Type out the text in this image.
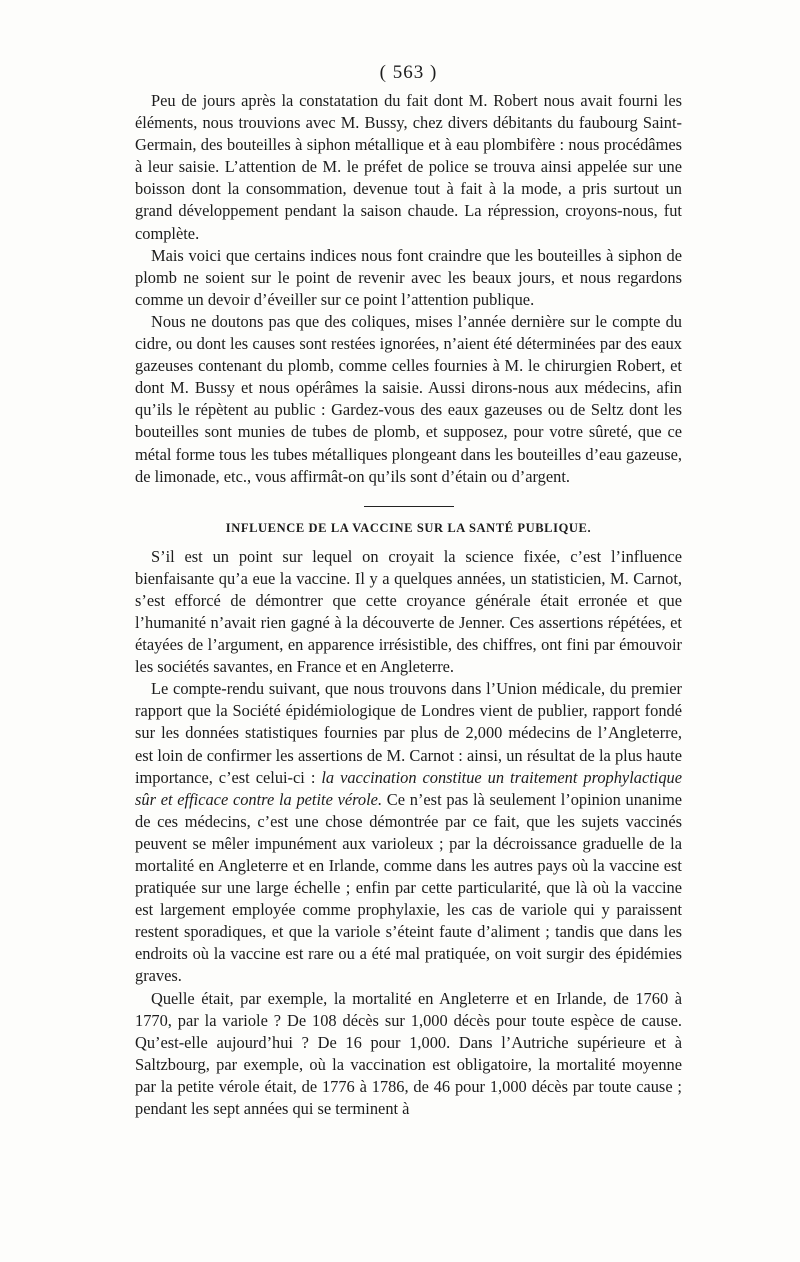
( 563 )

Peu de jours après la constatation du fait dont M. Robert nous avait fourni les éléments, nous trouvions avec M. Bussy, chez divers débitants du faubourg Saint-Germain, des bouteilles à siphon métallique et à eau plombifère : nous procédâmes à leur saisie. L’attention de M. le préfet de police se trouva ainsi appelée sur une boisson dont la consommation, devenue tout à fait à la mode, a pris surtout un grand développement pendant la saison chaude. La répression, croyons-nous, fut complète.

Mais voici que certains indices nous font craindre que les bouteilles à siphon de plomb ne soient sur le point de revenir avec les beaux jours, et nous regardons comme un devoir d’éveiller sur ce point l’attention publique.

Nous ne doutons pas que des coliques, mises l’année dernière sur le compte du cidre, ou dont les causes sont restées ignorées, n’aient été déterminées par des eaux gazeuses contenant du plomb, comme celles fournies à M. le chirurgien Robert, et dont M. Bussy et nous opérâmes la saisie. Aussi dirons-nous aux médecins, afin qu’ils le répètent au public : Gardez-vous des eaux gazeuses ou de Seltz dont les bouteilles sont munies de tubes de plomb, et supposez, pour votre sûreté, que ce métal forme tous les tubes métalliques plongeant dans les bouteilles d’eau gazeuse, de limonade, etc., vous affirmât-on qu’ils sont d’étain ou d’argent.

INFLUENCE DE LA VACCINE SUR LA SANTÉ PUBLIQUE.

S’il est un point sur lequel on croyait la science fixée, c’est l’influence bienfaisante qu’a eue la vaccine. Il y a quelques années, un statisticien, M. Carnot, s’est efforcé de démontrer que cette croyance générale était erronée et que l’humanité n’avait rien gagné à la découverte de Jenner. Ces assertions répétées, et étayées de l’argument, en apparence irrésistible, des chiffres, ont fini par émouvoir les sociétés savantes, en France et en Angleterre.

Le compte-rendu suivant, que nous trouvons dans l’Union médicale, du premier rapport que la Société épidémiologique de Londres vient de publier, rapport fondé sur les données statistiques fournies par plus de 2,000 médecins de l’Angleterre, est loin de confirmer les assertions de M. Carnot : ainsi, un résultat de la plus haute importance, c’est celui-ci : la vaccination constitue un traitement prophylactique sûr et efficace contre la petite vérole. Ce n’est pas là seulement l’opinion unanime de ces médecins, c’est une chose démontrée par ce fait, que les sujets vaccinés peuvent se mêler impunément aux varioleux ; par la décroissance graduelle de la mortalité en Angleterre et en Irlande, comme dans les autres pays où la vaccine est pratiquée sur une large échelle ; enfin par cette particularité, que là où la vaccine est largement employée comme prophylaxie, les cas de variole qui y paraissent restent sporadiques, et que la variole s’éteint faute d’aliment ; tandis que dans les endroits où la vaccine est rare ou a été mal pratiquée, on voit surgir des épidémies graves.

Quelle était, par exemple, la mortalité en Angleterre et en Irlande, de 1760 à 1770, par la variole ? De 108 décès sur 1,000 décès pour toute espèce de cause. Qu’est-elle aujourd’hui ? De 16 pour 1,000. Dans l’Autriche supérieure et à Saltzbourg, par exemple, où la vaccination est obligatoire, la mortalité moyenne par la petite vérole était, de 1776 à 1786, de 46 pour 1,000 décès par toute cause ; pendant les sept années qui se terminent à
